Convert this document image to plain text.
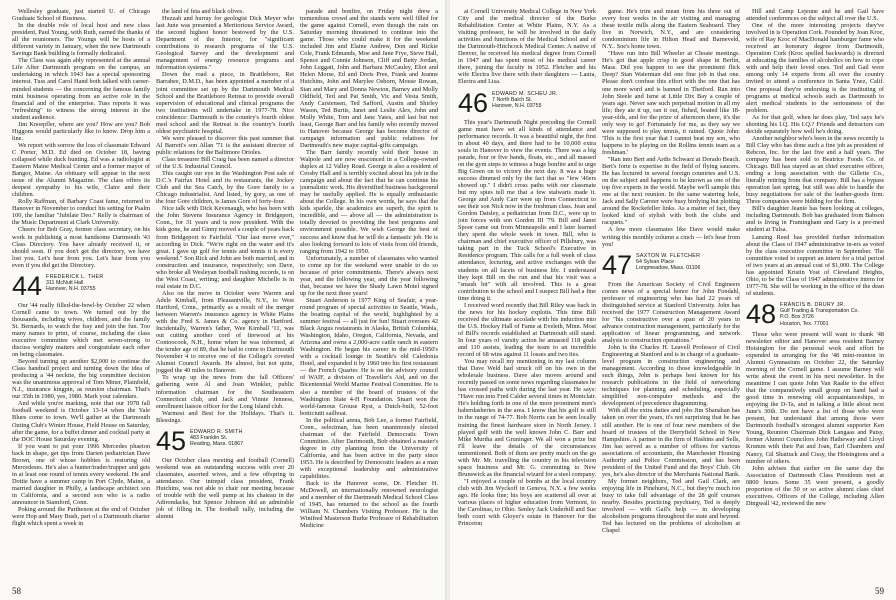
Wellesley graduate, just started U. of Chicago Graduate School of Business.

In the double role of local host and new class president, Paul Young, with Ruth, earned the thanks of all the reunioners. The Youngs will be hosts of a different variety in January, when the new Dartmouth Savings Bank building is formally dedicated.

The Class was again ably represented at the annual Life After Dartmouth program on the campus, an undertaking in which 1943 has a special sponsoring interest. Tuss and Carol Hand both talked with career-minded students — the concerning the famous family mini business operating from an active role in the financial and of the enterprise. Tuss reports it was "refreshing" to witness the strong interest in the student audience.

Jim Knoepfler, where are you? How are you? Bob Higgons would particularly like to know. Drop him a line.

We report with sorrow the loss of classmate Edward C Porter, M.D. Ed died on October 18, having collapsed while duck hunting. Ed was a radiologist at Eastern Maine Medical Center and a former mayor of Bangor, Maine. An obituary will appear in the next issue of the Alumni Magazine. The class offers its deepest sympathy to his wife, Claire and their children.

Rolly Raffman, of Barbary Coast fame, returned to Hanover in November to conduct his setting for Psalm 100, the familiar "Jubilate Deo." Relly is chairman of the Music Department at Clark University.

Cheers for Bob Gray, former class secretary, on his work in publishing a most handsome Dartmouth '43 Class Directory. You have already received it, or should soon. If you don't get the directory, we have lost you. Let's hear from you. Let's hear from you even if you did get the Directory.

44 FREDERICK L. THER
311 McNutt Hall
Hanover, N.H. 03755

Our '44 really filled-the-bowl-by October 22 when Cornell came to town. We turned out by the thousands, including wives, children, and the family St. Bernards, to watch the fray and join the fun. Too many names to print, of course, including the class executive committee which met seven-strong to discuss weighty matters and congratulate each other on being classmates.

Beyond turning up another $2,000 to continue the Class handrail project and turning down the idea of producing a '44 necktie, the big committee decision was the unanimous approval of Tom Miner, Plainfield, N.J., insurance kingpin, as reunion chairman. That's our 35th in 1980, yes, 1980. Mark your calendars.

And while you're marking, note that our 1978 fall football weekend is October 13-14 when the Yale Blues come to town. We'll gather at the Dartmouth Outing Club's Winter House, Field House on Saturday, after the game, for a buffet dinner and cocktail party at the DOC House Saturday evening.

If you want to put your 1996 Mercedes phaeton back in shape, get tips from Darien pediatrician Dave Brown, one of whose hobbies is restoring old Mercedeses. He's also a hunter/trader/trapper and gets in at least one round of tennis every weekend. He and Dottie have a summer camp in Port Clyde, Maine, a married daughter in Philly, a landscape architect son in California, and a second son who is a radio announcer in Stamford, Conn.

Poking around the Parthenon at the end of October were Hop and Mary Bush, part of a Dartmouth charter flight which spent a week in

the land of feta and black olives.

Huzzah and hurray for geologist Dick Meyer who last June was presented a Meritorious Service Award, the second highest honor bestowed by the U.S. Department of the Interior, for "significant contributions to research programs of the U.S. Geological Survey and the development and management of energy resource programs and information systems."

Down the road a piece, in Brattleboro, Ret Barrabee, D.M.D., has been appointed a member of a joint committee set up by the Dartmouth Medical School and the Brattleboro Retreat to provide overall supervision of educational and clinical programs the two institutions will undertake in 1977-78. Nice coincidence: Dartmouth is the country's fourth oldest med school and the Retreat is the country's fourth oldest psychiatric hospital.

We were pleased to discover this past summer that Al Barrett's son Allan '71 is the assistant director of public relations for the Baltimore Orioles.

Class treasurer Bill Craig has been named a director of the U.S. Industrial Council.

This caught our eye in the Washington Post sale of D.C.'s Fairfax Hotel and its restaurants, the Jockey Club and the Sea Catch, by the Gore family to a Chicago industrialist. And listed, by gory, as one of the four Gore children, is James Gore of forty-four.

Nice talk with Dick Kevenaugh, who has been with the John Stevens Insurance Agency in Bridgeport, Conn., for 31 years and is now president. With the kids gone, he and Ginny moved a couple of years back from Bridgeport to Fairfield. "Our last move ever," according to Dick. "We're right on the water and it's great. I gave up golf for tennis and tennis it is every weekend." Son Rick and John are both married, and in construction and insurance, respectively; son Dave, who broke all Wesleyan football rushing records, is on the West Coast, writing; and daughter Michelle is in real estate in D.C.

Also on the move in October were Warren and Adele Kimball, from Pleasantville, N.Y., to West Hartford, Conn., primarily as a result of the merger between Warren's insurance agency in White Plains with the Fred S. James & Co. agency in Hartford. Incidentally, Warren's father, Wee Kimball '11, was out cutting another cord of firewood at his Contoocook, N.H., home when he was informed, at the tender age of 89, that he had to come to Dartmouth November 4 to receive one of the College's coveted Alumni Council Awards. He almost, but not quite, jogged the 40 miles to Hanover.

To wrap up the news from the fall Officers' gathering were Al and Joan Winkler, public information chairman for the Southeastern Connecticut club, and Jack and Vinnie Jenness, enrollment liaison officer for the Long Island club.

Warmest and Best for the Holidays. That's it. Blessings.

45 EDWARD R. SMITH
483 Franklin St.
Reading, Mass. 01867

Our October class meeting and football (Cornell) weekend was an outstanding success with over 20 classmates, assorted wives, and a few offspring in attendance. Our intrepid class president, Frank Hutchins, was not able to chair our meeting because of trouble with the well pump at his chateau in the Adirondacks, but Spence Johnson did an admirable job of filling in. The football rally, including the alumni

parade and bonfire, on Friday night drew a tremendous crowd and the stands were well filled for the game against Cornell, even though the rain on Saturday morning threatened to continue into the game. Those who could make it for the weekend included Jim and Elaine Andrew, Don and Rickie Cole, Frank Edmands, Moe and Jane Frye, Steve Hall, Spence and Connie Johnson, Cliff and Betty Jordan, John Leggatt, John and Barbara McCauley, Eliot and Helen Morse, Ed and Doris Pree, Frank and Jeanne Hutchins, John and Marylee Osborn, Mouse Rowan, Stan and Mary and Donna Newton, Barney and Molly Oldfield, Ted and Pat Smith, Vic and Vesta Smith, Andy Carstensen, Ted Safford, Austin and Shirley Wason, Ted Burtis, Janet and Leslie Alex, John and Molly White, Tom and Jane Yates, and last but not least, George Barr and his family who recently moved to Hanover because George has become director of campaign information and public relations for Dartmouth's new major capital-gifts campaign.

The Barr family recently sold their house in Walpole and are now ensconced in a College-owned duplex at 12 Valley Road. George is also a resident of Crosby Hall and is terribly excited about his job in the campaign and about the fact that he can continue his journalistic work. His diversified business background may be usefully applied. He is equally enthusiastic about the College. In his own words, he says that the kids sparkle, the academics are superb, the spirit is incredible, and — above all — the administration is totally devoted to providing the best programs and environment possible. We wish George the best of success and know that he will do a fantastic job. He is also looking forward to lots of visits from old friends, ranging from 1942 to 1950.

Unfortunately, a number of classmates who wanted to come up for the weekend were unable to do so because of prior commitments. There's always next year, and the following year, and the year following that, because we have the Shady Lawn Motel signed up for the next three years!

Stuart Anderson is 1977 King of Seafair, a year-round program of special activities in Seattle, Wash., the boating capital of the world, highlighted by a summer festival — all just for fun! Stuart oversees 42 Black Angus restaurants in Alaska, British Columbia, Washington, Idaho, Oregon, California, Nevada, and Arizona and owns a 2,000-acre cattle ranch in eastern Washington. He began his career in the mid-1950's with a cocktail lounge in Seattle's old Caledonia Hotel, and expanded it by 1960 into his first restaurant — the French Quarter. He is on the advisory council of WAIF, a division of Traveller's Aid, and on the Bicentennial World Marine Festival Committee. He is also a member of the board of trustees of the Washington State 4-H Foundation. Stuart won the world-famous Grouse Ryst, a Dutch-built, 52-foot botticiutti sailboat.

In the political arena, Bob Lee, a former Fairfield, Conn., selectman, has been unanimously elected chairman of the Fairfield Democratic Town Committee. After Dartmouth, Bob obtained a master's degree in city planning from the University of California, and has been active in the party since 1953. He is described by Democratic leaders as a man with exceptional leadership and administrative capabilities.

Back to the Hanover scene, Dr. Fletcher H. McDowell, an internationally renowned neurologist and a member of the Dartmouth Medical School Class of 1945, has returned to the school as the fourth William N. Chambers Visiting Professor. He is the Winifred Masterson Burke Professor of Rehabilitation Medicine

58

at Cornell University Medical College in New York City and the medical director of the Burke Rehabilitation Center at White Plains, N.Y. As a visiting professor, he will be involved in the daily activities and functions of the Medical School and of the Dartmouth-Hitchcock Medical Center. A native of Denver, he received his medical degree from Cornell in 1947 and has spent most of his medical career there, joining the faculty in 1952. Fletcher and his wife Electra live there with their daughters — Laura, Electra and Lisa.

46 EDWARD M. SCHEU JR.
7 North Balch St.
Hanover, N.H. 03755

This year's Dartmouth Night preceding the Cornell game must have set all kinds of attendance and performance records. It was a beautiful night, the first in about 40 days, and there had to be 10,000 extra souls in Hanover to view the events. There was a big parade, four or five bands, floats, etc., and all massed on the gym steps to witness a huge bonfire and to urge Big Green on to victory the next day. It was a huge success dimmed only by the fact that so "few '46ers showed up." I didn't cross paths with our classmate but my spies tell me that a few stalwarts made it. George and Andy Carr were up from Connecticut to see their son Nick now in the freshman class. Jean and Gordon Daisley, a pediatrician from D.C., were up to join forces with son Gordon III '79. Bill and Janet Spoor came out from Minneapolis and I later learned they spent the whole week in town. Bill, who is chairman and chief executive officer of Pillsbury, was taking part in the Tuck School's Executive in Residence program. This calls for a full week of class attendance, lecturing, and active exchanges with the students on all facets of business life. I understand they kept Bill on the run and that his visit was a "smash hit" with all involved. This is a great contribution to the school and I suspect Bill had a fine time doing it.

I received word recently that Bill Riley was back in the news for his hockey exploits. This time Bill received the ultimate accolade with his induction into the U.S. Hockey Hall of Fame at Eveleth, Minn. Most of Bill's records established at Dartmouth still stand. In four years of varsity action he amassed 118 goals and 110 assists, leading the team to an incredible record of 68 wins against 11 losses and two ties.

You may recall my mentioning in my last column that Dave Weld had struck off on his own in the wholesale business. Dave also moves around and recently passed on some news regarding classmates he has crossed paths with during the last year. He says: "Have run into Fred Calder several times in Montclair. He's holding forth in one of the more prominent men's haberdasheries in the area. I know that his golf is still in the range of 74-77. Bob Norris can be seen locally training the finest hardware store in North Jersey. I played golf with the well known John C. Barr and Mike Murtha and Gruninger. We all won a prize but I'll leave the details of the circumstances unmentioned. Both of them are pretty much on the go with Mr. Mr. travelling the country in his television space business and Mr. G. commuting to New Brunswick as the financial wizard for a steel company.

"I enjoyed a couple of bombs at the local country club with Jim Wyckoff in Geneva, N.Y. a few weeks ago. He looks fine; his boys are scattered all over at various places of higher education from Vermont, to the Carolinas, to Ohio. Senley Jack Underhill and Sue both court with Gloyer's estate in Hanover for the Princeton

game. He's trim and mean from his three out of every four weeks in the air visiting and managing these textile mills along the Eastern Seaboard. They live in Norwich, N.Y., and are considering condominium life in Hilton Head and Barneveld, N.Y.. Soe's home town.

"Have run into Bill Wheeler at Choate meetings. He's got that apple crisp in good shape in Berlin, Mass. Did you happen to see the prominent flick Deep? Stan Waterman did one fine job in that one. Please don't confuse this effort with the one that has one more word and is banned in Thetford. Ran into John Steele and Isme at Little Dix Bay a couple of years ago. Never saw such perpetual motion in all my life; they ate it up, ran it out, fished, boated like 18-year-olds, and for the prize of afternoon there, it's the only way to go! Fortunately for me, as they say we were supposed to play tennis, it rained. Quote John: 'This is the first year that I cannot beat my son, who happens to be playing on the Rollins tennis team as a freshman.'

"Ran into Bert and Ardis Schwarz at Dorado Beach. Bert's forte is expertise in the field of flying saucers. He has lectured in several foreign countries and U.S. on the subject and happens to be known as one of the top five experts in the world. Maybe we'll sample this one at the next reunion. In the same watering hole, Jack and Sally Carreer were busy birdying but plotting around the Rockefeller links. As a matter of fact, they looked kind of stylish with both the clubs and racquets."

A few more classmates like Dave would make writing this monthly column a cinch — let's hear from you!

47 SAXTON W. FLETCHER
64 Sylvan Place
Longmeadow, Mass. 01106

From the American Society of Civil Engineers comes news of a special honor for John Fondahl, professor of engineering who has had 22 years of distinguished service at Stanford University. John has received the 1977 Construction Management Award for "his constructive over a span of 20 years to advance construction management, particularly for the application of linear programming, and network analysis to construction operations."

John is the Charles H. Leavell Professor of Civil Engineering at Stanford and is in charge of a graduate-level program in construction engineering and management. According to those knowledgeable in such things, John is perhaps best known for his research publications in the field of networking techniques for planning and scheduling, especially simplified non-computer methods and the development of precedence diagramming.

With all the extra duties and jobs Jim Shanahan has taken on over the years, it's not surprising that he has still another. He is one of four new members of the board of trustees of the Derryfield School in New Hampshire. A partner in the firm of Hashins and Sells, Jim has served as a number of offices for various associations of accountants, the Manchester Housing Authority and Police Commission, and has been president of the United Fund and the Boys' Club. Oh yes, he's also director of the Merchants National Bank.

My former neighbors, Ted and Gail Clark, are enjoying life in Pinehurst, N.C., but they're much too busy to take full advantage of the 28 golf courses nearby. Besides practicing psychiatry, Ted is deeply involved — with Gail's help — in developing alcoholism programs throughout the state and beyond. Ted has lectured on the problems of alcoholism at Chapel

Hill and Camp Lejeune and he and Gail have attended conferences on the subject all over the U.S.

One of the more interesting projects they've involved in is Operation Cork. Founded by Joan Kroc, wife of Ray Kroc of MacDonald hamburger fame who received an honorary degree from Dartmouth, Operation Cork (Kroc spelled backwards) is directed at educating the families of alcoholics on how to cope with and help their loved ones. Ted and Gail were among only 14 experts from all over the country invited to attend a conference in Santa Ynez, Calif. One proposal they're endorsing is the instituting of programs at medical schools such as Dartmouth to alert medical students to the seriousness of the problem.

As for that golf, when he does play, Ted says he's shooting his I.Q. His I.Q.? Friends and detractors can decide separately how well he's doing.

Another neighbor who's been in the news recently is Bill Clay who has done such a fine job as president of Rebcon, Inc. for the last five and a half years. The company has been sold to Beatrice Foods Co. of Chicago. Bill has stayed as an chief executive officer, ending a long association with the Gillette Co., literally retiring from that company. Bill has a bypass operation last spring, but still was able to handle the busy negotiations for sale of the leather-goods firm. Three companies were bidding for the firm.

Bill's daughter Jeanie has been looking at colleges, including Dartmouth. Bob has graduated from Babson and is living in Framingham and Gary is a pre-med student at Tulsa.

Lansing Reed has provided further information about the Class of 1947 administrative in-ers as voted by the class executive committee in September. The committee voted to support an intern for a trial period of two years at an annual cost of $1,000. The College has appointed Kristin Yost of Cleveland Heights, Ohio, to be the Class of 1947 administrative intern for 1977-78. She will be working in the office of the dean of students.

48 FRANCIS B. DRURY JR.
Gulf Trading & Transportation Co.
P.O. Box 3726
Houston, Tex. 77001

Those who were present will want to thank '48 newsletter editor and Hanover area resident Barney Hoisington for the personal work and effort he expended in arranging for the '48 mini-reunion in Alumni Gymnasium on October 22, the Saturday morning of the Cornell game. I assume Barney will write about the event in his next newsletter. In the meantime I can quote John Van Raalte to the effect that the comparatively small group on hand had a good time in renewing old acquaintanceships, in enjoying the D-Ta, and in talking a little about next June's 30th. Do not have a list of those who were present, but understand that among those were Dartmouth football's strongest alumni supporter Ken Young, Reunion Chairman Dick Langaas and Patsy, former Alumni Councilors John Hatheway and Lloyd Krumm with their Pat and Joan, Earl Chambers and Nancy, Gil Shattuck and Cissy, the Hoisingtons and a number of others.

John advises that earlier on the same day the Association of Dartmouth Class Presidents met at 0800 hours. Some 35 were present, a goodly proportion of the 50 or so active alumni class chief executives. Officers of the College, including Allen Dingwall '42, reviewed the new

59
